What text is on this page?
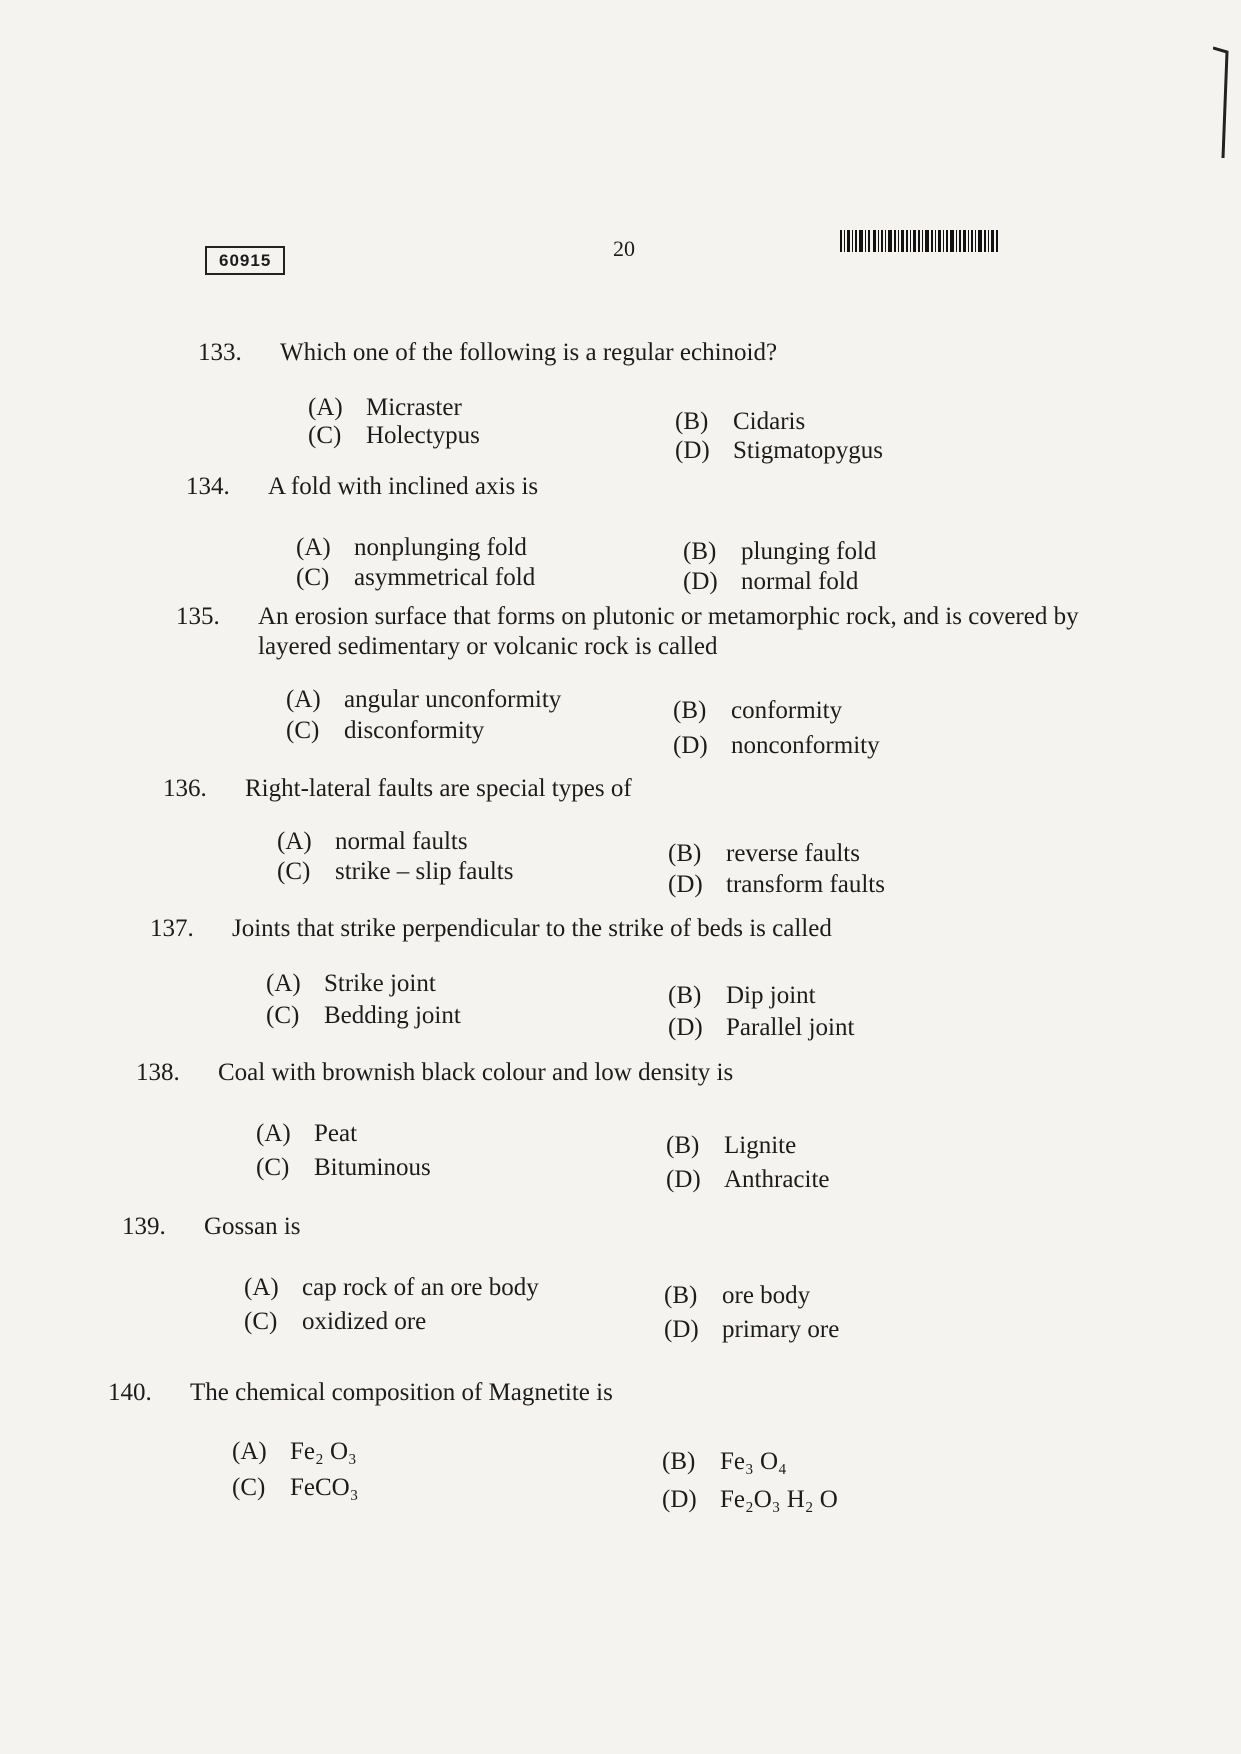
60915	20
133. Which one of the following is a regular echinoid?
(A) Micraster
(C) Holectypus
(B) Cidaris
(D) Stigmatopygus
134. A fold with inclined axis is
(A) nonplunging fold
(C) asymmetrical fold
(B) plunging fold
(D) normal fold
135. An erosion surface that forms on plutonic or metamorphic rock, and is covered by layered sedimentary or volcanic rock is called
(A) angular unconformity
(C) disconformity
(B) conformity
(D) nonconformity
136. Right-lateral faults are special types of
(A) normal faults
(C) strike – slip faults
(B) reverse faults
(D) transform faults
137. Joints that strike perpendicular to the strike of beds is called
(A) Strike joint
(C) Bedding joint
(B) Dip joint
(D) Parallel joint
138. Coal with brownish black colour and low density is
(A) Peat
(C) Bituminous
(B) Lignite
(D) Anthracite
139. Gossan is
(A) cap rock of an ore body
(C) oxidized ore
(B) ore body
(D) primary ore
140. The chemical composition of Magnetite is
(A) Fe₂ O₃
(C) FeCO₃
(B) Fe₃ O₄
(D) Fe₂O₃ H₂ O
